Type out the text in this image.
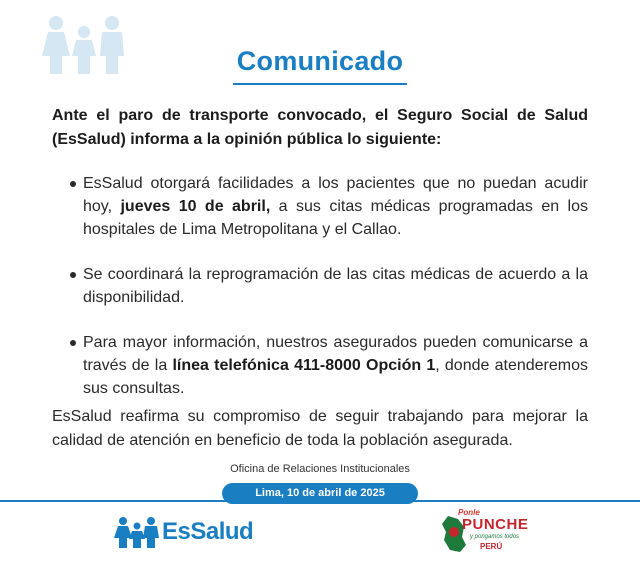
Comunicado

Ante el paro de transporte convocado, el Seguro Social de Salud (EsSalud) informa a la opinión pública lo siguiente:

EsSalud otorgará facilidades a los pacientes que no puedan acudir hoy, jueves 10 de abril, a sus citas médicas programadas en los hospitales de Lima Metropolitana y el Callao.
Se coordinará la reprogramación de las citas médicas de acuerdo a la disponibilidad.
Para mayor información, nuestros asegurados pueden comunicarse a través de la línea telefónica 411-8000 Opción 1, donde atenderemos sus consultas.

EsSalud reafirma su compromiso de seguir trabajando para mejorar la calidad de atención en beneficio de toda la población asegurada.

Oficina de Relaciones Institucionales
Lima, 10 de abril de 2025
EsSalud
Ponle
PUNCHE
y pongamos todos
PERÚ
